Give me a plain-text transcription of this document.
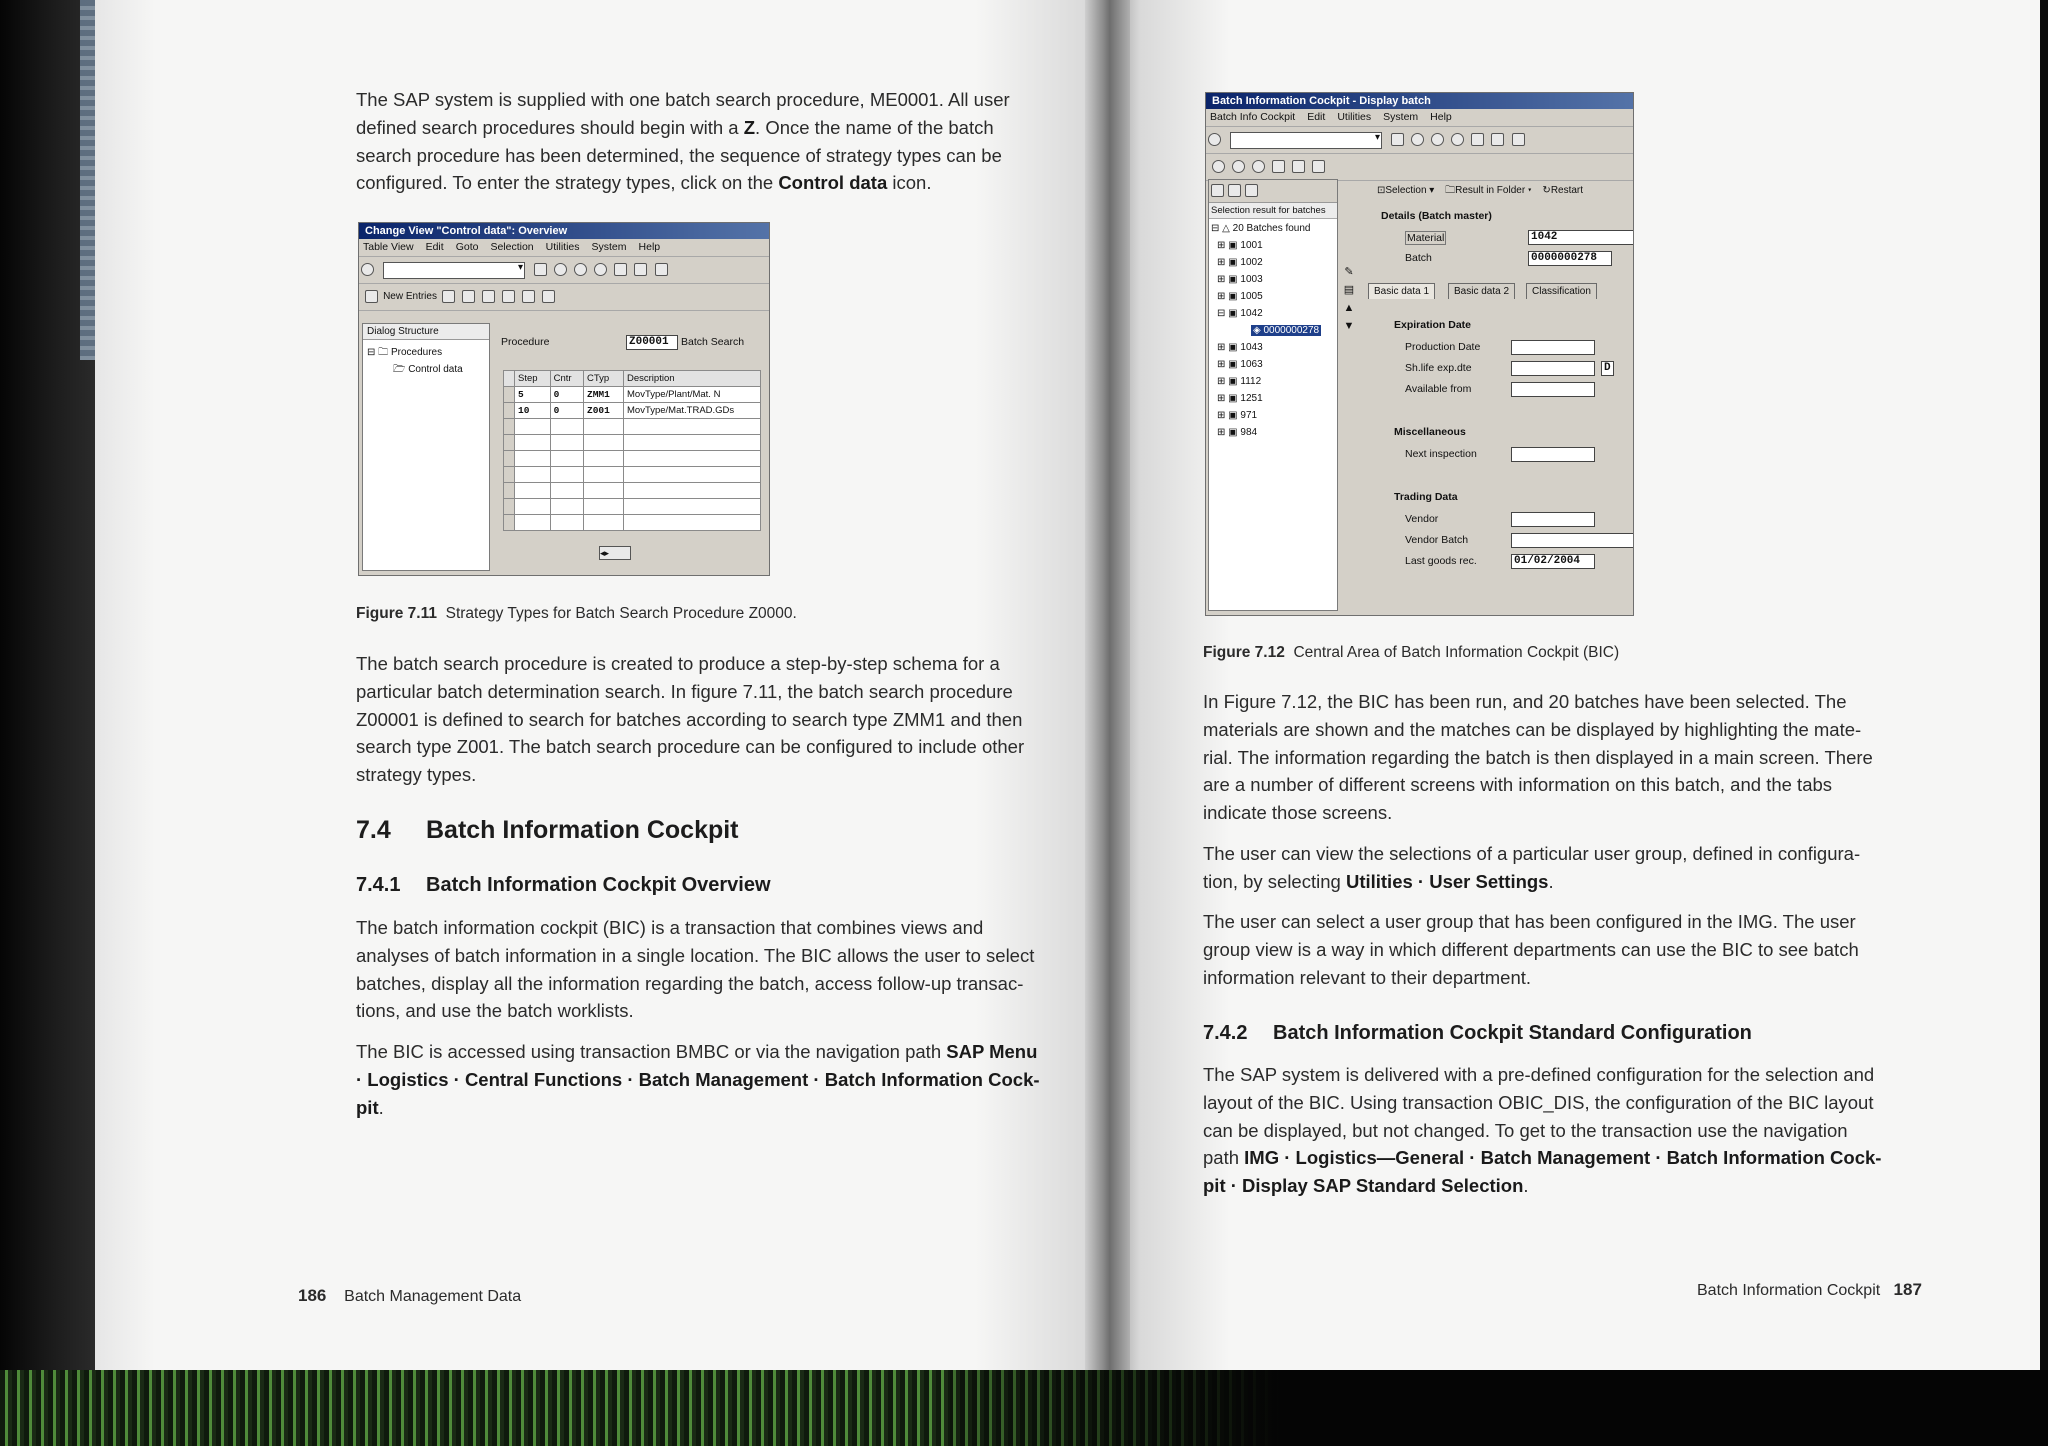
The SAP system is supplied with one batch search procedure, ME0001. All user
defined search procedures should begin with a Z. Once the name of the batch
search procedure has been determined, the sequence of strategy types can be
configured. To enter the strategy types, click on the Control data icon.
Change View "Control data": Overview
Table View Edit Goto Selection Utilities System Help
▾
New Entries
Dialog Structure
⊟ 🗀 Procedures
🗁 Control data
Procedure	Z00001	Batch Search
	Step	Cntr	CTyp	Description
	5	0	ZMM1	MovType/Plant/Mat. N
	10	0	Z001	MovType/Mat.TRAD.GDs

◂▸
Figure 7.11 Strategy Types for Batch Search Procedure Z0000.
The batch search procedure is created to produce a step-by-step schema for a
particular batch determination search. In figure 7.11, the batch search procedure
Z00001 is defined to search for batches according to search type ZMM1 and then
search type Z001. The batch search procedure can be configured to include other
strategy types.
7.4 Batch Information Cockpit
7.4.1 Batch Information Cockpit Overview
The batch information cockpit (BIC) is a transaction that combines views and
analyses of batch information in a single location. The BIC allows the user to select
batches, display all the information regarding the batch, access follow-up transac-
tions, and use the batch worklists.
The BIC is accessed using transaction BMBC or via the navigation path SAP Menu
· Logistics · Central Functions · Batch Management · Batch Information Cock-
pit.
186 Batch Management Data
Batch Information Cockpit - Display batch
Batch Info Cockpit Edit Utilities System Help
▾

Selection result for batches
⊟ △ 20 Batches found
⊞ ▣ 1001
⊞ ▣ 1002
⊞ ▣ 1003
⊞ ▣ 1005
⊟ ▣ 1042
◈ 0000000278
⊞ ▣ 1043
⊞ ▣ 1063
⊞ ▣ 1112
⊞ ▣ 1251
⊞ ▣ 971
⊞ ▣ 984
✎
▤
▲
▼
⊡Selection ▾ 🗀Result in Folder ▾ ↻Restart
Details (Batch master)
Material	1042
Batch	0000000278
Basic data 1	Basic data 2	Classification
Expiration Date
Production Date
Sh.life exp.dte	D
Available from
Miscellaneous
Next inspection
Trading Data
Vendor
Vendor Batch
Last goods rec.	01/02/2004
Figure 7.12 Central Area of Batch Information Cockpit (BIC)
In Figure 7.12, the BIC has been run, and 20 batches have been selected. The
materials are shown and the matches can be displayed by highlighting the mate-
rial. The information regarding the batch is then displayed in a main screen. There
are a number of different screens with information on this batch, and the tabs
indicate those screens.
The user can view the selections of a particular user group, defined in configura-
tion, by selecting Utilities · User Settings.
The user can select a user group that has been configured in the IMG. The user
group view is a way in which different departments can use the BIC to see batch
information relevant to their department.
7.4.2 Batch Information Cockpit Standard Configuration
The SAP system is delivered with a pre-defined configuration for the selection and
layout of the BIC. Using transaction OBIC_DIS, the configuration of the BIC layout
can be displayed, but not changed. To get to the transaction use the navigation
path IMG · Logistics—General · Batch Management · Batch Information Cock-
pit · Display SAP Standard Selection.
Batch Information Cockpit 187
